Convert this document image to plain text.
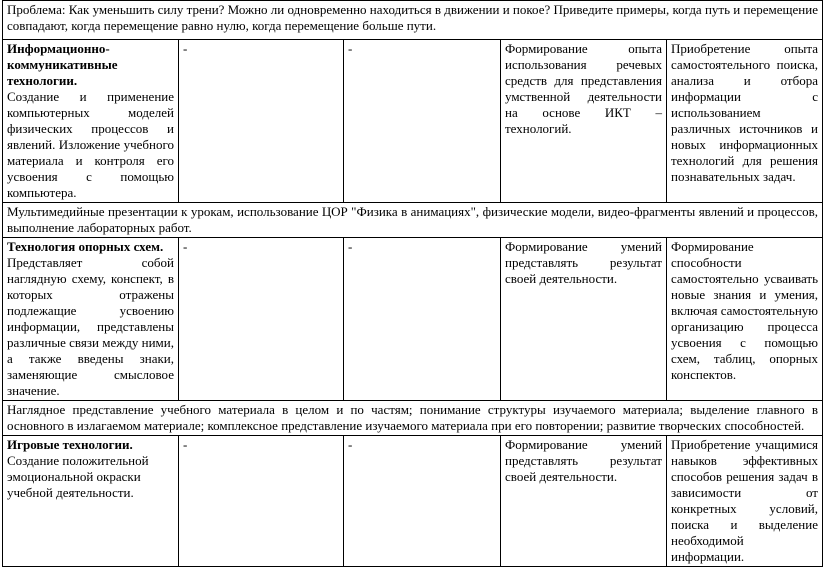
Проблема: Как уменьшить силу трени? Можно ли одновременно находиться в движении и покое? Приведите примеры, когда путь и перемещение совпадают, когда перемещение равно нулю, когда перемещение больше пути.				

Информационно-коммуникативные технологии.
Создание и применение компьютерных моделей физических процессов и явлений. Изложение учебного материала и контроля его усвоения с помощью компьютера.	-	-	Формирование опыта использования речевых средств для представления умственной деятельности на основе ИКТ – технологий.	Приобретение опыта самостоятельного поиска, анализа и отбора информации с использованием различных источников и новых информационных технологий для решения познавательных задач.
Мультимедийные презентации к урокам, использование ЦОР "Физика в анимациях", физические модели, видео-фрагменты явлений и процессов, выполнение лабораторных работ.				

Технология опорных схем.
Представляет собой наглядную схему, конспект, в которых отражены подлежащие усвоению информации, представлены различные связи между ними, а также введены знаки, заменяющие смысловое значение.	-	-	Формирование умений представлять результат своей деятельности.	Формирование способности самостоятельно усваивать новые знания и умения, включая самостоятельную организацию процесса усвоения с помощью схем, таблиц, опорных конспектов.
Наглядное представление учебного материала в целом и по частям; понимание структуры изучаемого материала; выделение главного в основного в излагаемом материале; комплексное представление изучаемого материала при его повторении; развитие творческих способностей.				

Игровые технологии.
Создание положительной эмоциональной окраски учебной деятельности.	-	-	Формирование умений представлять результат своей деятельности.	Приобретение учащимися навыков эффективных способов решения задач в зависимости от конкретных условий, поиска и выделение необходимой информации.
